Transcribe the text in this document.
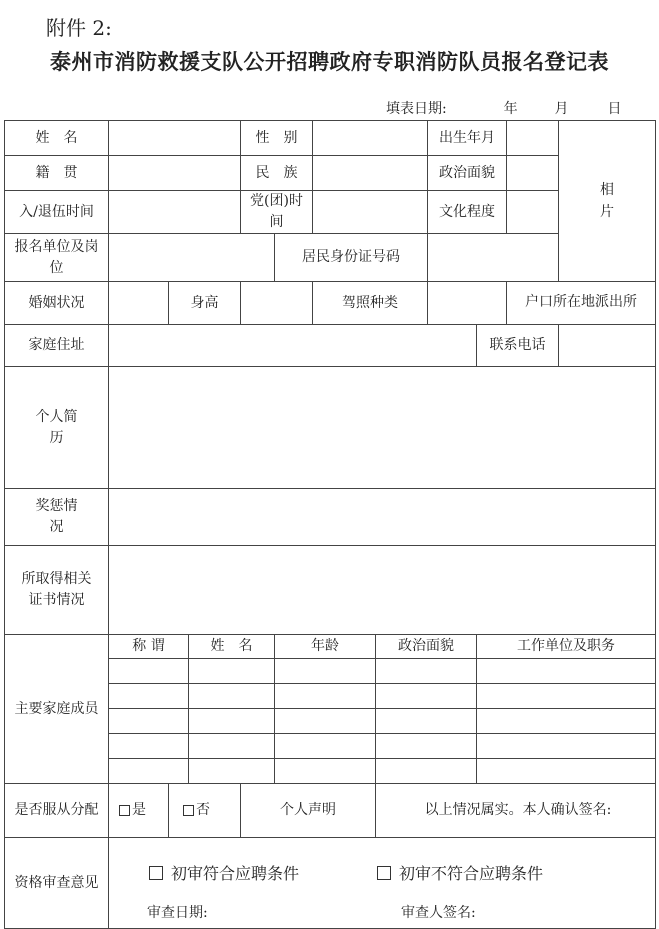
附件 2:
泰州市消防救援支队公开招聘政府专职消防队员报名登记表
填表日期:	年	月	日
姓　名				性　别				出生年月			相片	
籍　贯				民　族				政治面貌				
入/退伍时间				党(团)时间				文化程度				
报名单位及岗位					居民身份证号码							
婚姻状况		身高				驾照种类				户口所在地派出所		
家庭住址									联系电话			
个人简历												
奖惩情况												
所取得相关证书情况												
主要家庭成员	称 谓		姓　名		年龄		政治面貌		工作单位及职务			

是否服从分配	是	否		个人声明			以上情况属实。本人确认签名:					
资格审查意见	初审符合应聘条件 初审不符合应聘条件
审查日期: 审查人签名:											
